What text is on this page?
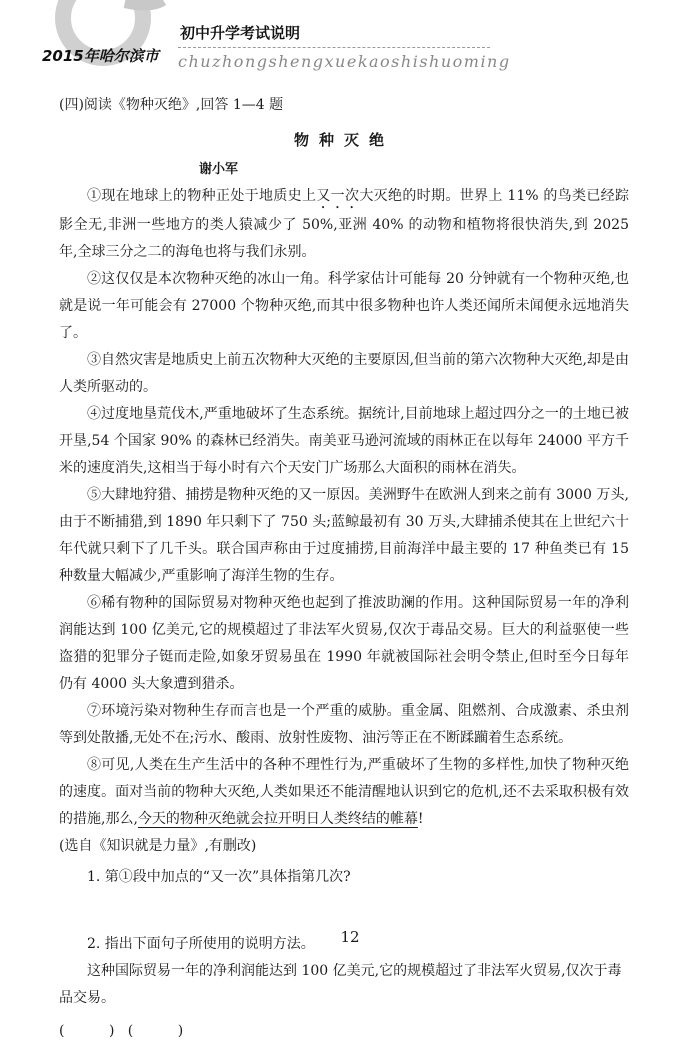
2015年哈尔滨市
初中升学考试说明
chuzhongshengxuekaoshishuoming

(四)阅读《物种灭绝》,回答 1—4 题

物种灭绝

谢小军

①现在地球上的物种正处于地质史上又一次大灭绝的时期。世界上 11% 的鸟类已经踪影全无,非洲一些地方的类人猿减少了 50%,亚洲 40% 的动物和植物将很快消失,到 2025 年,全球三分之二的海龟也将与我们永别。

②这仅仅是本次物种灭绝的冰山一角。科学家估计可能每 20 分钟就有一个物种灭绝,也就是说一年可能会有 27000 个物种灭绝,而其中很多物种也许人类还闻所未闻便永远地消失了。

③自然灾害是地质史上前五次物种大灭绝的主要原因,但当前的第六次物种大灭绝,却是由人类所驱动的。

④过度地垦荒伐木,严重地破坏了生态系统。据统计,目前地球上超过四分之一的土地已被开垦,54 个国家 90% 的森林已经消失。南美亚马逊河流域的雨林正在以每年 24000 平方千米的速度消失,这相当于每小时有六个天安门广场那么大面积的雨林在消失。

⑤大肆地狩猎、捕捞是物种灭绝的又一原因。美洲野牛在欧洲人到来之前有 3000 万头,由于不断捕猎,到 1890 年只剩下了 750 头;蓝鲸最初有 30 万头,大肆捕杀使其在上世纪六十年代就只剩下了几千头。联合国声称由于过度捕捞,目前海洋中最主要的 17 种鱼类已有 15 种数量大幅减少,严重影响了海洋生物的生存。

⑥稀有物种的国际贸易对物种灭绝也起到了推波助澜的作用。这种国际贸易一年的净利润能达到 100 亿美元,它的规模超过了非法军火贸易,仅次于毒品交易。巨大的利益驱使一些盗猎的犯罪分子铤而走险,如象牙贸易虽在 1990 年就被国际社会明令禁止,但时至今日每年仍有 4000 头大象遭到猎杀。

⑦环境污染对物种生存而言也是一个严重的威胁。重金属、阻燃剂、合成激素、杀虫剂等到处散播,无处不在;污水、酸雨、放射性废物、油污等正在不断蹂躏着生态系统。

⑧可见,人类在生产生活中的各种不理性行为,严重破坏了生物的多样性,加快了物种灭绝的速度。面对当前的物种大灭绝,人类如果还不能清醒地认识到它的危机,还不去采取积极有效的措施,那么,今天的物种灭绝就会拉开明日人类终结的帷幕!

(选自《知识就是力量》,有删改)

1. 第①段中加点的“又一次”具体指第几次?

2. 指出下面句子所使用的说明方法。

这种国际贸易一年的净利润能达到 100 亿美元,它的规模超过了非法军火贸易,仅次于毒品交易。

(          )   (          )

12
